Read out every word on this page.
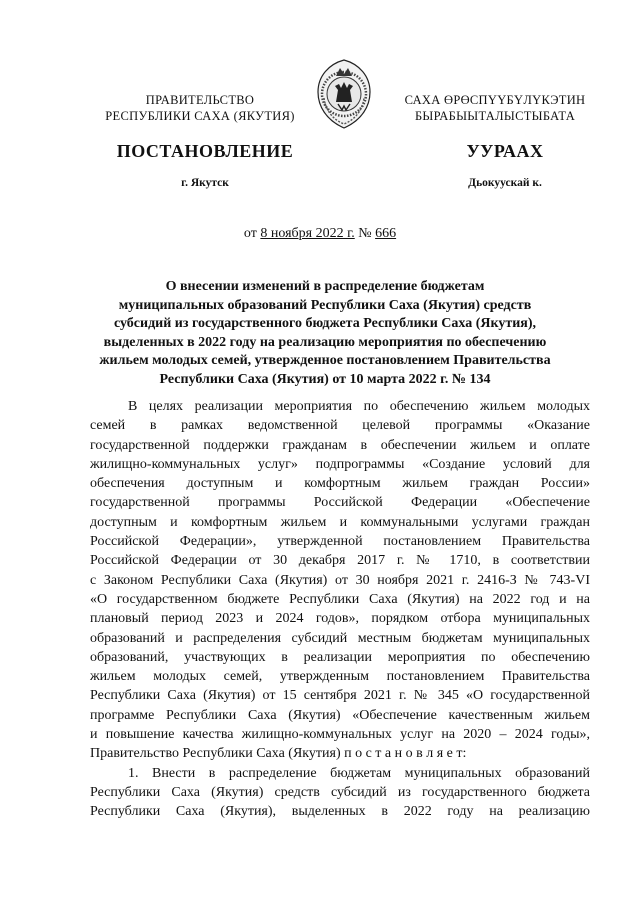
ПРАВИТЕЛЬСТВО
РЕСПУБЛИКИ САХА (ЯКУТИЯ)
САХА ӨРӨСПҮҮБҮЛҮКЭТИН
БЫРАБЫЫТАЛЫСТЫБАТА
ПОСТАНОВЛЕНИЕ	УУРААХ
г. Якутск	Дьокуускай к.
от 8 ноября 2022 г. № 666
О внесении изменений в распределение бюджетам
муниципальных образований Республики Саха (Якутия) средств
субсидий из государственного бюджета Республики Саха (Якутия),
выделенных в 2022 году на реализацию мероприятия по обеспечению
жильем молодых семей, утвержденное постановлением Правительства
Республики Саха (Якутия) от 10 марта 2022 г. № 134
В целях реализации мероприятия по обеспечению жильем молодых
семей в рамках ведомственной целевой программы «Оказание
государственной поддержки гражданам в обеспечении жильем и оплате
жилищно-коммунальных услуг» подпрограммы «Создание условий для
обеспечения доступным и комфортным жильем граждан России»
государственной программы Российской Федерации «Обеспечение
доступным и комфортным жильем и коммунальными услугами граждан
Российской Федерации», утвержденной постановлением Правительства
Российской Федерации от 30 декабря 2017 г. № 1710, в соответствии
с Законом Республики Саха (Якутия) от 30 ноября 2021 г. 2416-З № 743-VI
«О государственном бюджете Республики Саха (Якутия) на 2022 год и на
плановый период 2023 и 2024 годов», порядком отбора муниципальных
образований и распределения субсидий местным бюджетам муниципальных
образований, участвующих в реализации мероприятия по обеспечению
жильем молодых семей, утвержденным постановлением Правительства
Республики Саха (Якутия) от 15 сентября 2021 г. № 345 «О государственной
программе Республики Саха (Якутия) «Обеспечение качественным жильем
и повышение качества жилищно-коммунальных услуг на 2020 – 2024 годы»,
Правительство Республики Саха (Якутия) п о с т а н о в л я е т:
1. Внести в распределение бюджетам муниципальных образований
Республики Саха (Якутия) средств субсидий из государственного бюджета
Республики Саха (Якутия), выделенных в 2022 году на реализацию
